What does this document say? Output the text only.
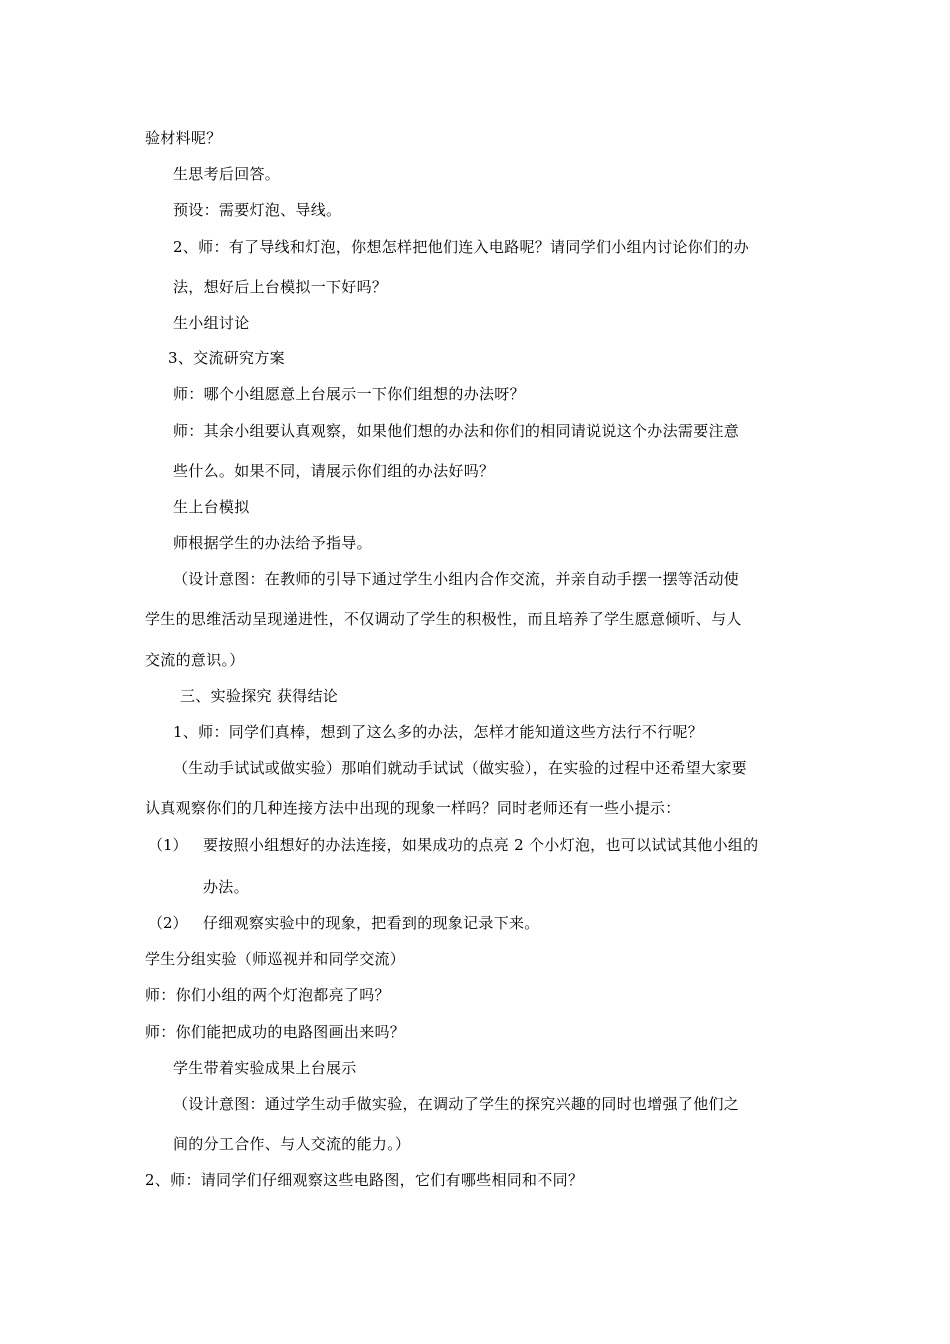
验材料呢？
生思考后回答。
预设：需要灯泡、导线。
2、师：有了导线和灯泡，你想怎样把他们连入电路呢？请同学们小组内讨论你们的办
法，想好后上台模拟一下好吗？
生小组讨论
3、交流研究方案
师：哪个小组愿意上台展示一下你们组想的办法呀？
师：其余小组要认真观察，如果他们想的办法和你们的相同请说说这个办法需要注意
些什么。如果不同，请展示你们组的办法好吗？
生上台模拟
师根据学生的办法给予指导。
（设计意图：在教师的引导下通过学生小组内合作交流，并亲自动手摆一摆等活动使
学生的思维活动呈现递进性，不仅调动了学生的积极性，而且培养了学生愿意倾听、与人
交流的意识。）
三、实验探究 获得结论
1、师：同学们真棒，想到了这么多的办法，怎样才能知道这些方法行不行呢？
（生动手试试或做实验）那咱们就动手试试（做实验），在实验的过程中还希望大家要
认真观察你们的几种连接方法中出现的现象一样吗？同时老师还有一些小提示：
（1） 要按照小组想好的办法连接，如果成功的点亮 2 个小灯泡，也可以试试其他小组的
办法。
（2） 仔细观察实验中的现象，把看到的现象记录下来。
学生分组实验（师巡视并和同学交流）
师：你们小组的两个灯泡都亮了吗？
师：你们能把成功的电路图画出来吗？
学生带着实验成果上台展示
（设计意图：通过学生动手做实验，在调动了学生的探究兴趣的同时也增强了他们之
间的分工合作、与人交流的能力。）
2、师：请同学们仔细观察这些电路图，它们有哪些相同和不同？
